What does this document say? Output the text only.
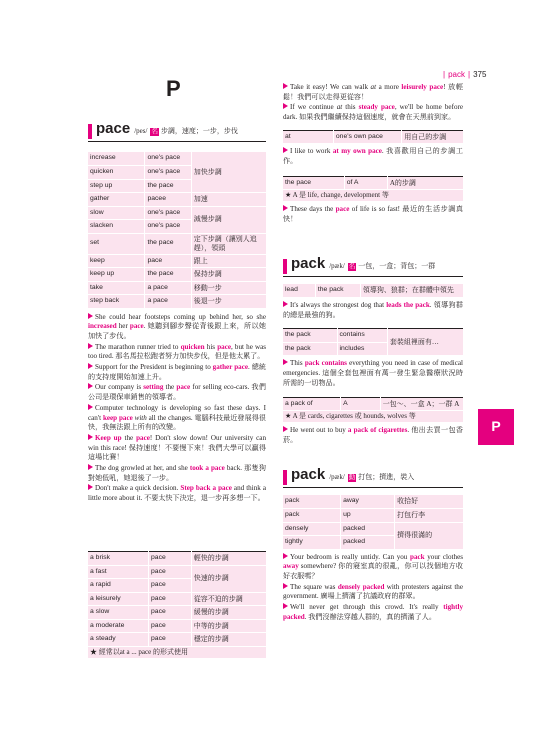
| pack | 375
P
pace /pes/ 名 步調，速度；一步，步伐
increase	one's pace	加快步調
quicken	one's pace	
step up	the pace	
gather	pacee	加速
slow	one's pace	減慢步調
slacken	one's pace	
set	the pace	定下步調（讓別人追趕），領頭
keep	pace	跟上
keep up	the pace	保持步調
take	a pace	移動一步
step back	a pace	後退一步

She could hear footsteps coming up behind her, so she increased her pace. 她聽到腳步聲從背後跟上來，所以她加快了步伐。

The marathon runner tried to quicken his pace, but he was too tired. 那名馬拉松跑者努力加快步伐，但是他太累了。

Support for the President is beginning to gather pace. 總統的支持度開始加速上升。

Our company is setting the pace for selling eco-cars. 我們公司是環保車銷售的領導者。

Computer technology is developing so fast these days. I can't keep pace with all the changes. 電腦科技最近發展得很快，我無法跟上所有的改變。

Keep up the pace! Don't slow down! Our university can win this race! 保持速度！不要慢下來！我們大學可以贏得這場比賽！

The dog growled at her, and she took a pace back. 那隻狗對她低吼，她退後了一步。

Don't make a quick decision. Step back a pace and think a little more about it. 不要太快下決定，退一步再多想一下。

a brisk	pace	輕快的步調
a fast	pace	快速的步調
a rapid	pace	
a leisurely	pace	從容不迫的步調
a slow	pace	緩慢的步調
a moderate	pace	中等的步調
a steady	pace	穩定的步調
★ 經常以at a ... pace 的形式使用		

Take it easy! We can walk at a more leisurely pace! 放輕鬆！我們可以走得更從容！

If we continue at this steady pace, we'll be home before dark. 如果我們繼續保持這個速度，就會在天黑前到家。

at	one's own pace	用自己的步調

I like to work at my own pace. 我喜歡用自己的步調工作。

the pace	of A	A的步調
★ A 是 life, change, development 等

These days the pace of life is so fast! 最近的生活步調真快！

pack /pæk/ 名 一包，一盒；背包；一群
lead	the pack	領導狗、狼群；在群體中領先

It's always the strongest dog that leads the pack. 領導狗群的總是最強的狗。

the pack	contains	套裝組裡面有…
the pack	includes	

This pack contains everything you need in case of medical emergencies. 這個全套包裡面有萬一發生緊急醫療狀況時所需的一切物品。

a pack of	A	一包～、一盒 A；一群 A
★ A 是 cards, cigarettes 或 hounds, wolves 等

He went out to buy a pack of cigarettes. 他出去買一包香菸。

pack /pæk/ 動 打包；擠進，裝入
pack	away	收拾好
pack	up	打包行李
densely	packed	擠得很滿的
tightly	packed	

Your bedroom is really untidy. Can you pack your clothes away somewhere? 你的寢室真的很亂，你可以找個地方收好衣服嗎？

The square was densely packed with protesters against the government. 廣場上擠滿了抗議政府的群眾。

We'll never get through this crowd. It's really tightly packed. 我們沒辦法穿越人群的，真的擠滿了人。

P
